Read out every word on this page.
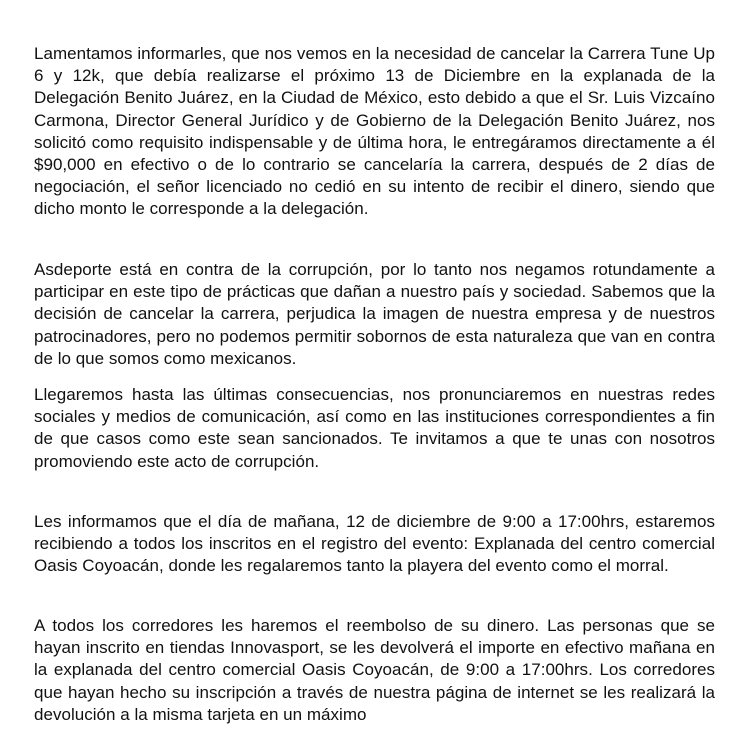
Lamentamos informarles, que nos vemos en la necesidad de cancelar la Carrera Tune Up 6 y 12k, que debía realizarse el próximo 13 de Diciembre en la explanada de la Delegación Benito Juárez, en la Ciudad de México, esto debido a que el Sr. Luis Vizcaíno Carmona, Director General Jurídico y de Gobierno de la Delegación Benito Juárez, nos solicitó como requisito indispensable y de última hora, le entregáramos directamente a él $90,000 en efectivo o de lo contrario se cancelaría la carrera, después de 2 días de negociación, el señor licenciado no cedió en su intento de recibir el dinero, siendo que dicho monto le corresponde a la delegación.

Asdeporte está en contra de la corrupción, por lo tanto nos negamos rotundamente a participar en este tipo de prácticas que dañan a nuestro país y sociedad. Sabemos que la decisión de cancelar la carrera, perjudica la imagen de nuestra empresa y de nuestros patrocinadores, pero no podemos permitir sobornos de esta naturaleza que van en contra de lo que somos como mexicanos.

Llegaremos hasta las últimas consecuencias, nos pronunciaremos en nuestras redes sociales y medios de comunicación, así como en las instituciones correspondientes a fin de que casos como este sean sancionados. Te invitamos a que te unas con nosotros promoviendo este acto de corrupción.

Les informamos que el día de mañana, 12 de diciembre de 9:00 a 17:00hrs, estaremos recibiendo a todos los inscritos en el registro del evento: Explanada del centro comercial Oasis Coyoacán, donde les regalaremos tanto la playera del evento como el morral.

A todos los corredores les haremos el reembolso de su dinero. Las personas que se hayan inscrito en tiendas Innovasport, se les devolverá el importe en efectivo mañana en la explanada del centro comercial Oasis Coyoacán, de 9:00 a 17:00hrs. Los corredores que hayan hecho su inscripción a través de nuestra página de internet se les realizará la devolución a la misma tarjeta en un máximo
